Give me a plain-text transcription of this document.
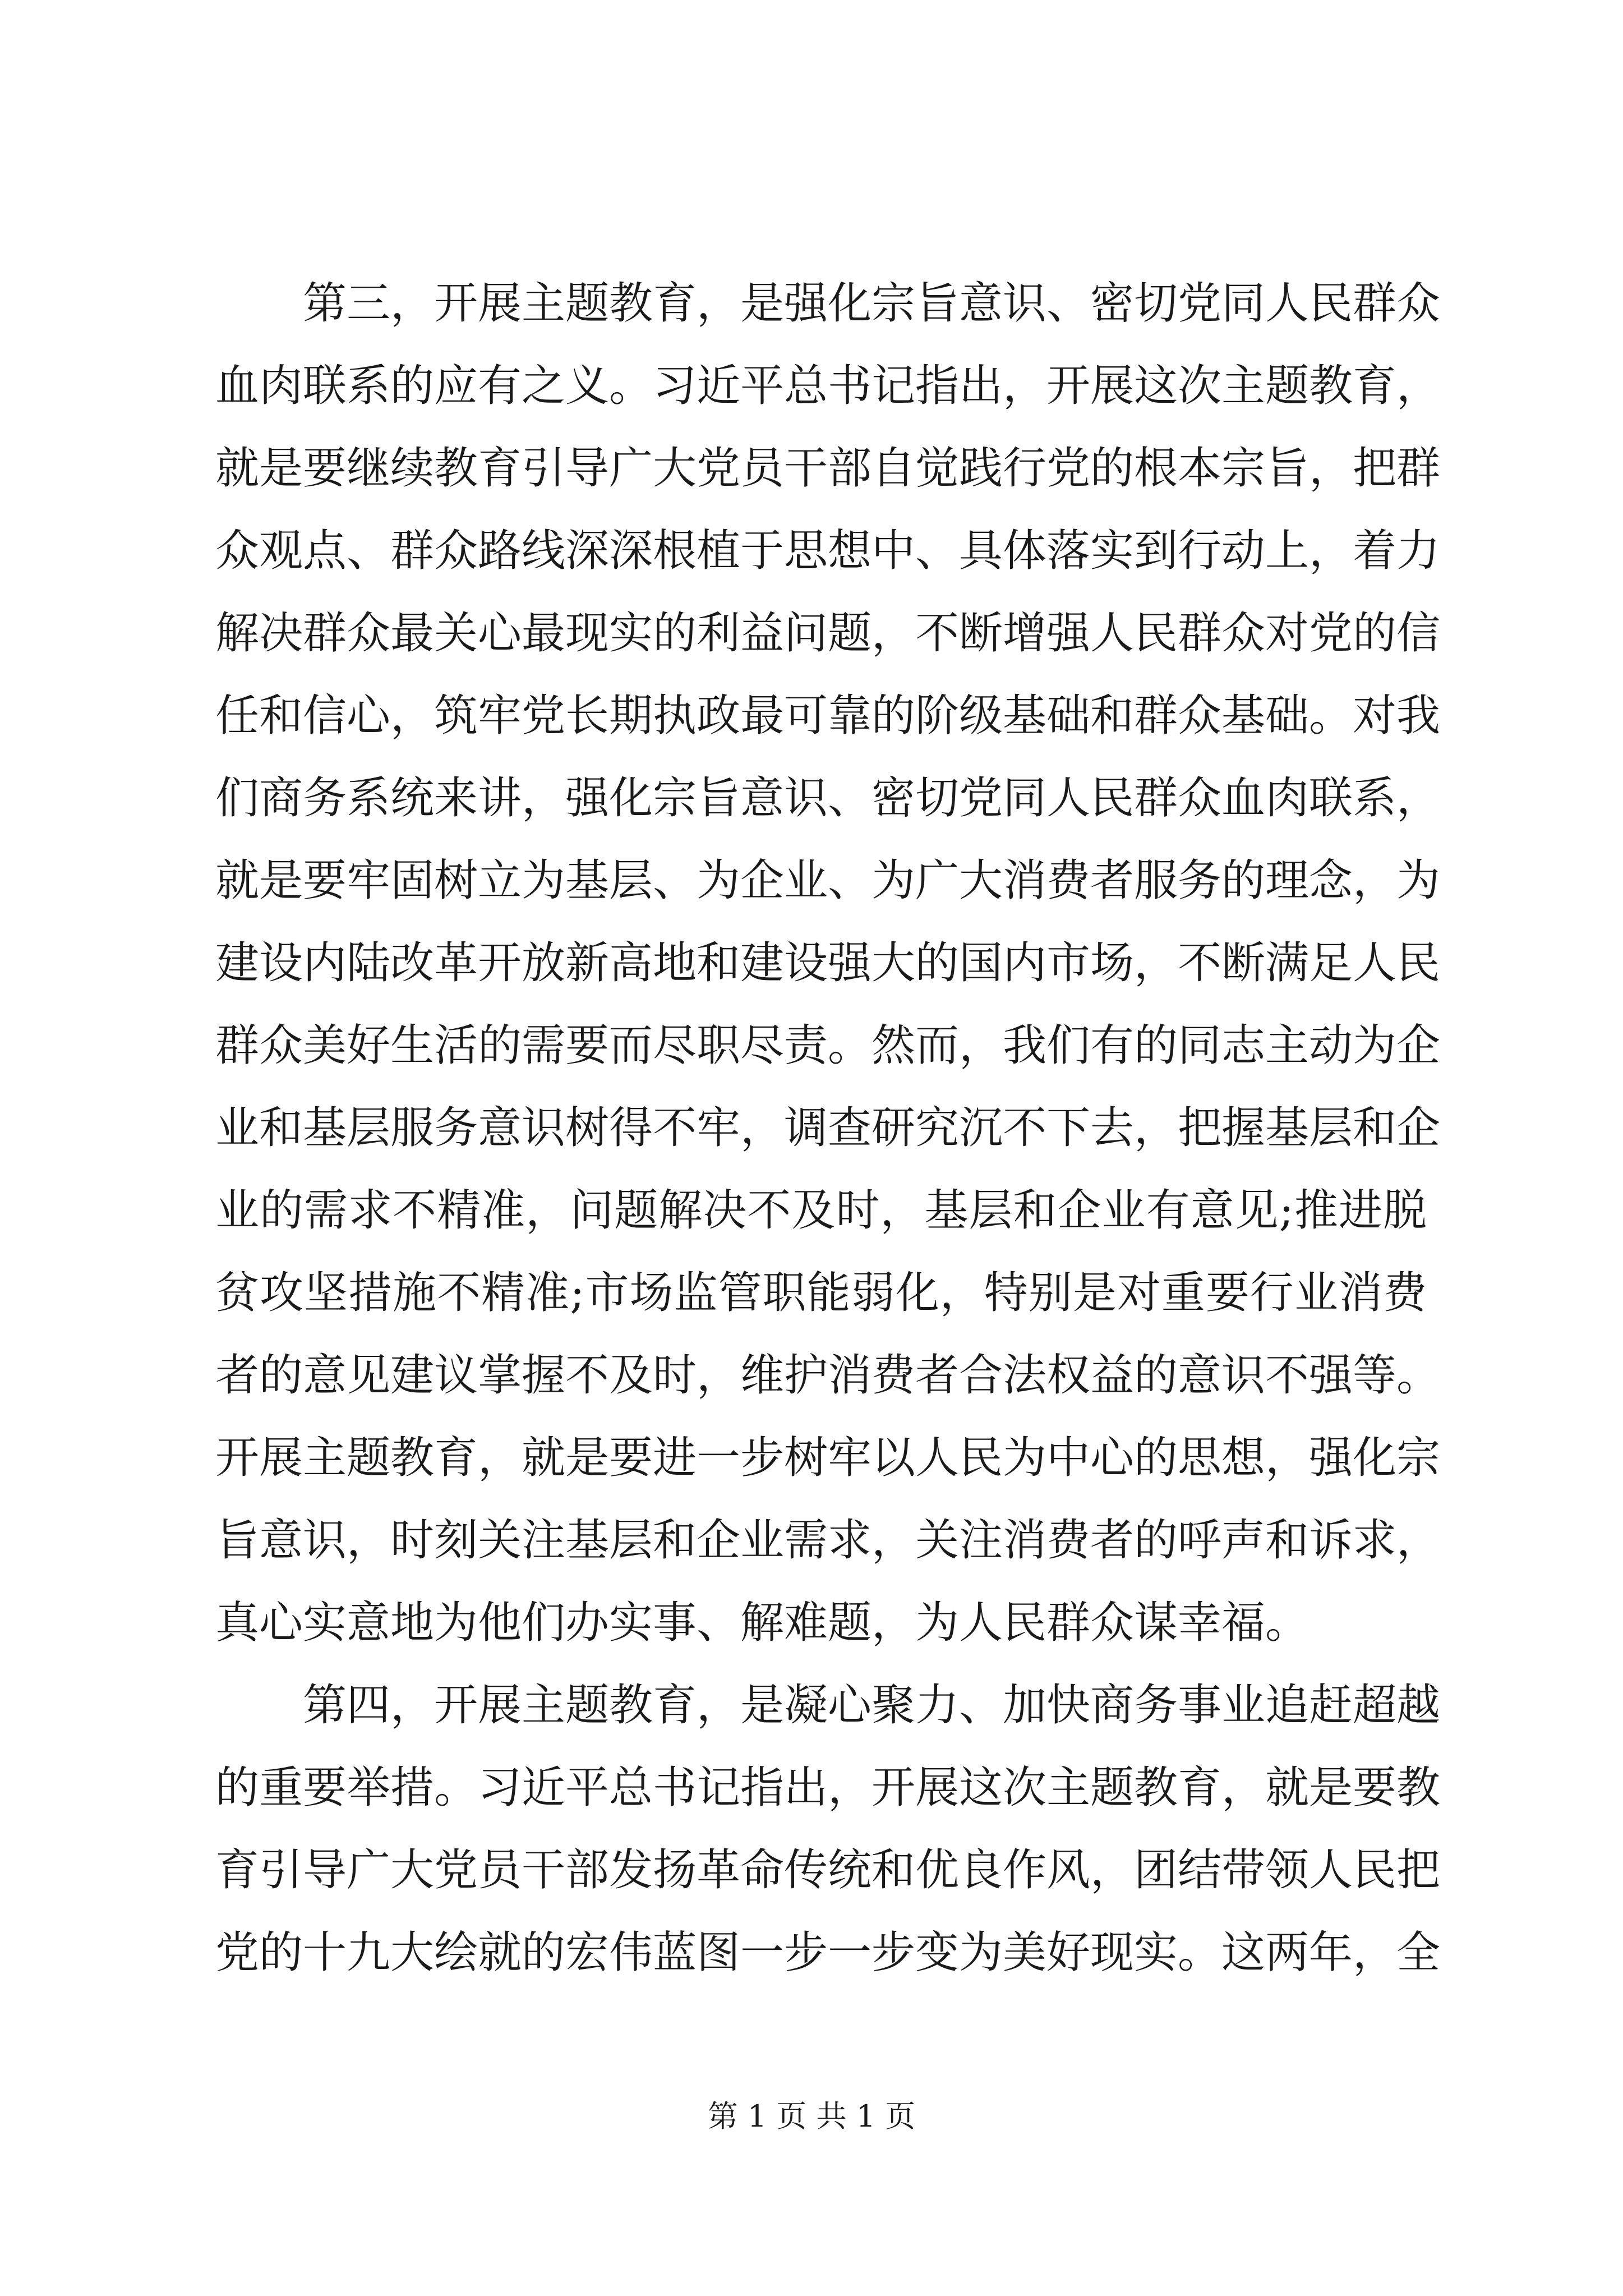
第三，开展主题教育，是强化宗旨意识、密切党同人民群众
血肉联系的应有之义。习近平总书记指出，开展这次主题教育，
就是要继续教育引导广大党员干部自觉践行党的根本宗旨，把群
众观点、群众路线深深根植于思想中、具体落实到行动上，着力
解决群众最关心最现实的利益问题，不断增强人民群众对党的信
任和信心，筑牢党长期执政最可靠的阶级基础和群众基础。对我
们商务系统来讲，强化宗旨意识、密切党同人民群众血肉联系，
就是要牢固树立为基层、为企业、为广大消费者服务的理念，为
建设内陆改革开放新高地和建设强大的国内市场，不断满足人民
群众美好生活的需要而尽职尽责。然而，我们有的同志主动为企
业和基层服务意识树得不牢，调查研究沉不下去，把握基层和企
业的需求不精准，问题解决不及时，基层和企业有意见;推进脱
贫攻坚措施不精准;市场监管职能弱化，特别是对重要行业消费
者的意见建议掌握不及时，维护消费者合法权益的意识不强等。
开展主题教育，就是要进一步树牢以人民为中心的思想，强化宗
旨意识，时刻关注基层和企业需求，关注消费者的呼声和诉求，
真心实意地为他们办实事、解难题，为人民群众谋幸福。
第四，开展主题教育，是凝心聚力、加快商务事业追赶超越
的重要举措。习近平总书记指出，开展这次主题教育，就是要教
育引导广大党员干部发扬革命传统和优良作风，团结带领人民把
党的十九大绘就的宏伟蓝图一步一步变为美好现实。这两年，全
第 1 页 共 1 页
